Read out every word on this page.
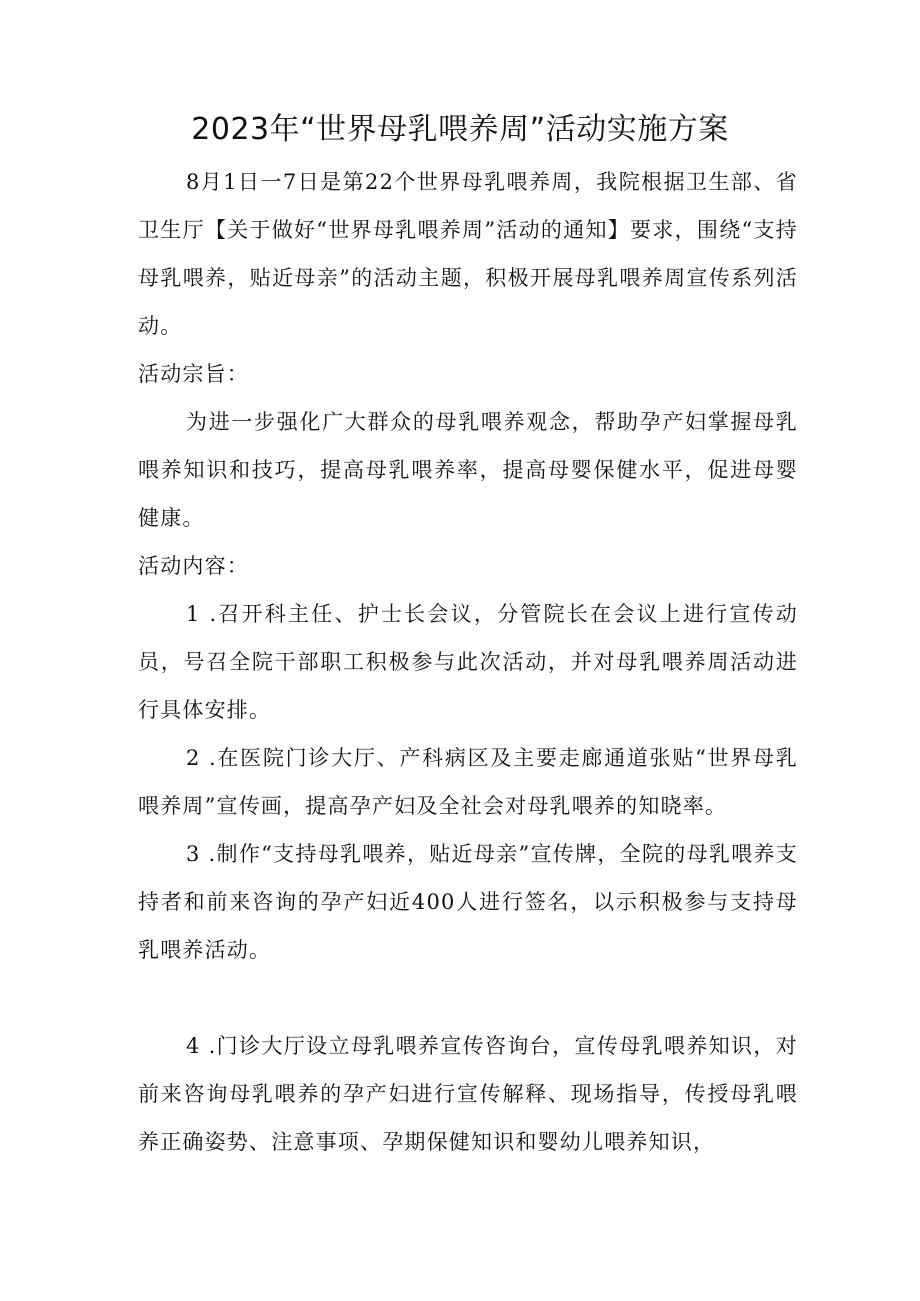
2023年“世界母乳喂养周”活动实施方案

8月1日一7日是第22个世界母乳喂养周，我院根据卫生部、省卫生厅【关于做好“世界母乳喂养周”活动的通知】要求，围绕“支持母乳喂养，贴近母亲”的活动主题，积极开展母乳喂养周宣传系列活动。

活动宗旨：

为进一步强化广大群众的母乳喂养观念，帮助孕产妇掌握母乳喂养知识和技巧，提高母乳喂养率，提高母婴保健水平，促进母婴健康。

活动内容：

1 .召开科主任、护士长会议，分管院长在会议上进行宣传动员，号召全院干部职工积极参与此次活动，并对母乳喂养周活动进行具体安排。

2 .在医院门诊大厅、产科病区及主要走廊通道张贴“世界母乳喂养周”宣传画，提高孕产妇及全社会对母乳喂养的知晓率。

3 .制作“支持母乳喂养，贴近母亲”宣传牌，全院的母乳喂养支持者和前来咨询的孕产妇近400人进行签名，以示积极参与支持母乳喂养活动。

4 .门诊大厅设立母乳喂养宣传咨询台，宣传母乳喂养知识，对前来咨询母乳喂养的孕产妇进行宣传解释、现场指导，传授母乳喂养正确姿势、注意事项、孕期保健知识和婴幼儿喂养知识，
